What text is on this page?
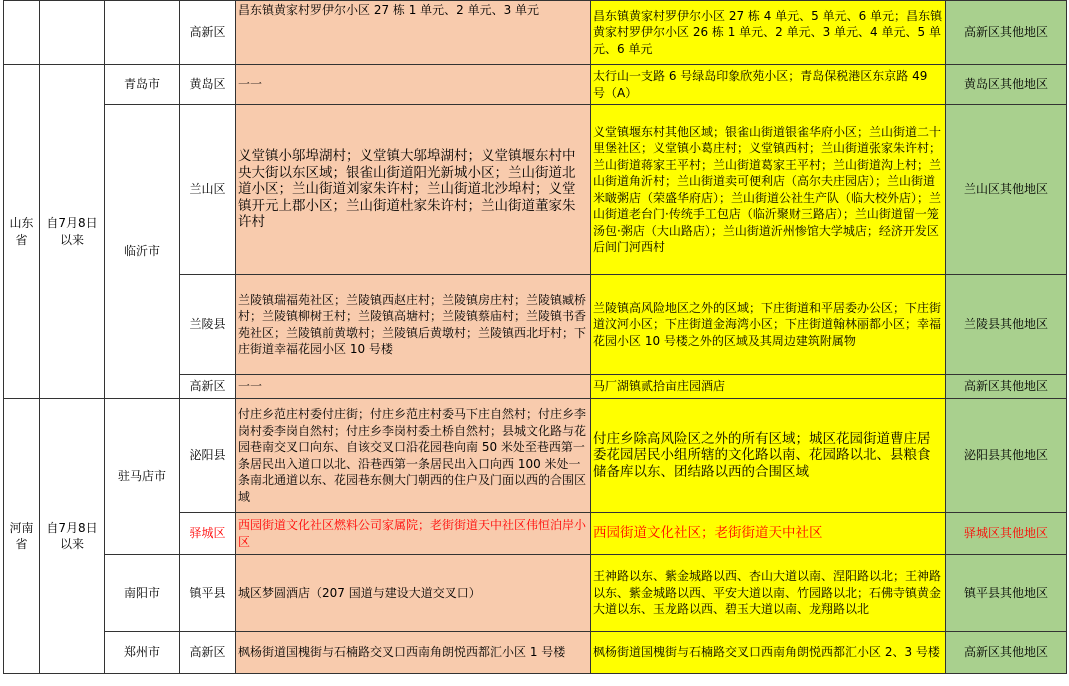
			高新区	昌东镇黄家村罗伊尔小区 27 栋 1 单元、2 单元、3 单元	昌东镇黄家村罗伊尔小区 27 栋 4 单元、5 单元、6 单元；昌东镇黄家村罗伊尔小区 26 栋 1 单元、2 单元、3 单元、4 单元、5 单元、6 单元	高新区其他地区
山东省	自7月8日以来	青岛市	黄岛区	一一	太行山一支路 6 号绿岛印象欣苑小区；青岛保税港区东京路 49 号（A）	黄岛区其他地区
		临沂市	兰山区	义堂镇小邬埠湖村；义堂镇大邬埠湖村；义堂镇堰东村中央大街以东区域；银雀山街道阳光新城小区；兰山街道北道小区；兰山街道刘家朱许村；兰山街道北沙埠村；义堂镇开元上郡小区；兰山街道杜家朱许村；兰山街道董家朱许村	义堂镇堰东村其他区域；银雀山街道银雀华府小区；兰山街道二十里堡社区；义堂镇小葛庄村；义堂镇西村；兰山街道张家朱许村；兰山街道蒋家王平村；兰山街道葛家王平村；兰山街道沟上村；兰山街道角沂村；兰山街道卖可便利店（高尔夫庄园店）；兰山街道米啵粥店（荣盛华府店）；兰山街道公社生产队（临大校外店）；兰山街道老台门·传统手工包店（临沂聚财三路店）；兰山街道留一笼汤包·粥店（大山路店）；兰山街道沂州惨馆大学城店；经济开发区后间门河西村	兰山区其他地区
			兰陵县	兰陵镇瑞福苑社区；兰陵镇西赵庄村；兰陵镇房庄村；兰陵镇臧桥村；兰陵镇柳树王村；兰陵镇高塘村；兰陵镇蔡庙村；兰陵镇书香苑社区；兰陵镇前黄墩村；兰陵镇后黄墩村；兰陵镇西北圩村；下庄街道幸福花园小区 10 号楼	兰陵镇高风险地区之外的区域；下庄街道和平居委办公区；下庄街道汶河小区；下庄街道金海湾小区；下庄街道翰林丽都小区；幸福花园小区 10 号楼之外的区域及其周边建筑附属物	兰陵县其他地区
			高新区	一一	马厂湖镇贰拾亩庄园酒店	高新区其他地区
河南省	自7月8日以来	驻马店市	泌阳县	付庄乡范庄村委付庄街；付庄乡范庄村委马下庄自然村；付庄乡李岗村委李岗自然村；付庄乡李岗村委土桥自然村；县城文化路与花园巷南交叉口向东、自该交叉口沿花园巷向南 50 米处至巷西第一条居民出入道口以北、沿巷西第一条居民出入口向西 100 米处一条南北通道以东、花园巷东侧大门朝西的住户及门面以西的合围区域	付庄乡除高风险区之外的所有区域；城区花园街道曹庄居委花园居民小组所辖的文化路以南、花园路以北、县粮食储备库以东、团结路以西的合围区域	泌阳县其他地区
			驿城区	西园街道文化社区燃料公司家属院；老街街道天中社区伟恒泊岸小区	西园街道文化社区；老街街道天中社区	驿城区其他地区
		南阳市	镇平县	城区梦圆酒店（207 国道与建设大道交叉口）	王神路以东、紫金城路以西、杏山大道以南、涅阳路以北；王神路以东、紫金城路以西、平安大道以南、竹园路以北；石佛寺镇黄金大道以东、玉龙路以西、碧玉大道以南、龙翔路以北	镇平县其他地区
		郑州市	高新区	枫杨街道国槐街与石楠路交叉口西南角朗悦西都汇小区 1 号楼	枫杨街道国槐街与石楠路交叉口西南角朗悦西都汇小区 2、3 号楼	高新区其他地区
